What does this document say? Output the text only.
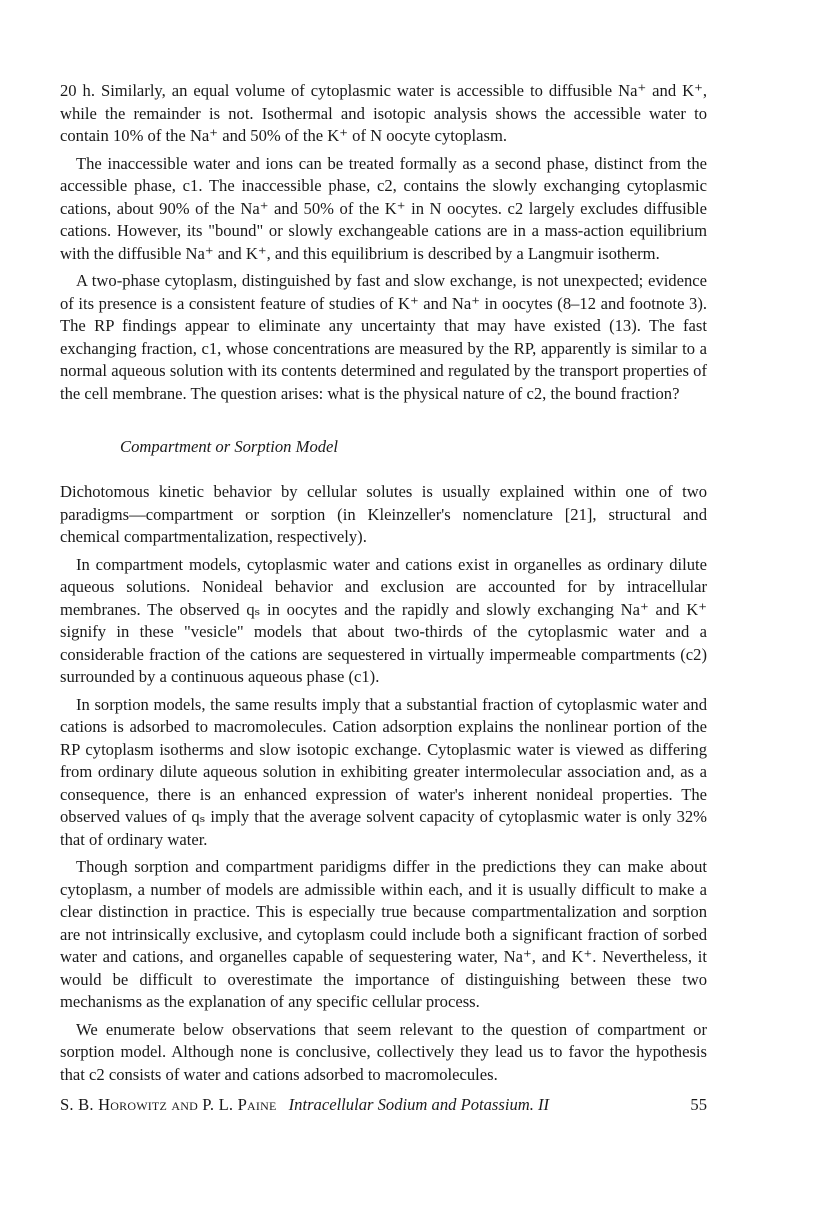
20 h. Similarly, an equal volume of cytoplasmic water is accessible to diffusible Na⁺ and K⁺, while the remainder is not. Isothermal and isotopic analysis shows the accessible water to contain 10% of the Na⁺ and 50% of the K⁺ of N oocyte cytoplasm.

The inaccessible water and ions can be treated formally as a second phase, distinct from the accessible phase, c1. The inaccessible phase, c2, contains the slowly exchanging cytoplasmic cations, about 90% of the Na⁺ and 50% of the K⁺ in N oocytes. c2 largely excludes diffusible cations. However, its "bound" or slowly exchangeable cations are in a mass-action equilibrium with the diffusible Na⁺ and K⁺, and this equilibrium is described by a Langmuir isotherm.

A two-phase cytoplasm, distinguished by fast and slow exchange, is not unexpected; evidence of its presence is a consistent feature of studies of K⁺ and Na⁺ in oocytes (8–12 and footnote 3). The RP findings appear to eliminate any uncertainty that may have existed (13). The fast exchanging fraction, c1, whose concentrations are measured by the RP, apparently is similar to a normal aqueous solution with its contents determined and regulated by the transport properties of the cell membrane. The question arises: what is the physical nature of c2, the bound fraction?

Compartment or Sorption Model

Dichotomous kinetic behavior by cellular solutes is usually explained within one of two paradigms—compartment or sorption (in Kleinzeller's nomenclature [21], structural and chemical compartmentalization, respectively).

In compartment models, cytoplasmic water and cations exist in organelles as ordinary dilute aqueous solutions. Nonideal behavior and exclusion are accounted for by intracellular membranes. The observed qₛ in oocytes and the rapidly and slowly exchanging Na⁺ and K⁺ signify in these "vesicle" models that about two-thirds of the cytoplasmic water and a considerable fraction of the cations are sequestered in virtually impermeable compartments (c2) surrounded by a continuous aqueous phase (c1).

In sorption models, the same results imply that a substantial fraction of cytoplasmic water and cations is adsorbed to macromolecules. Cation adsorption explains the nonlinear portion of the RP cytoplasm isotherms and slow isotopic exchange. Cytoplasmic water is viewed as differing from ordinary dilute aqueous solution in exhibiting greater intermolecular association and, as a consequence, there is an enhanced expression of water's inherent nonideal properties. The observed values of qₛ imply that the average solvent capacity of cytoplasmic water is only 32% that of ordinary water.

Though sorption and compartment paridigms differ in the predictions they can make about cytoplasm, a number of models are admissible within each, and it is usually difficult to make a clear distinction in practice. This is especially true because compartmentalization and sorption are not intrinsically exclusive, and cytoplasm could include both a significant fraction of sorbed water and cations, and organelles capable of sequestering water, Na⁺, and K⁺. Nevertheless, it would be difficult to overestimate the importance of distinguishing between these two mechanisms as the explanation of any specific cellular process.

We enumerate below observations that seem relevant to the question of compartment or sorption model. Although none is conclusive, collectively they lead us to favor the hypothesis that c2 consists of water and cations adsorbed to macromolecules.

S. B. Horowitz and P. L. Paine Intracellular Sodium and Potassium. II	55
